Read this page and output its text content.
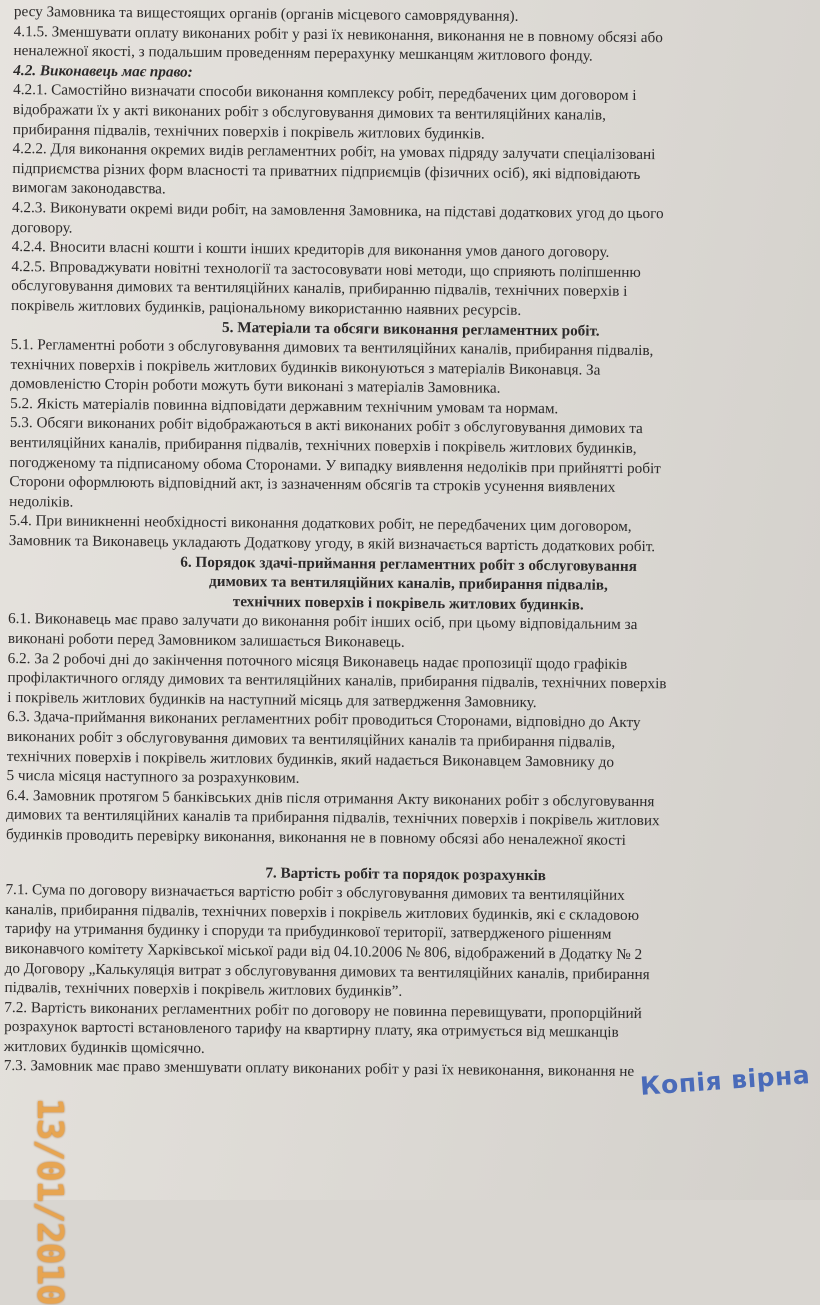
ресу Замовника та вищестоящих органів (органів місцевого самоврядування).

4.1.5. Зменшувати оплату виконаних робіт у разі їх невиконання, виконання не в повному обсязі або

неналежної якості, з подальшим проведенням перерахунку мешканцям житлового фонду.

4.2. Виконавець має право:

4.2.1. Самостійно визначати способи виконання комплексу робіт, передбачених цим договором і

відображати їх у акті виконаних робіт з обслуговування димових та вентиляційних каналів,

прибирання підвалів, технічних поверхів і покрівель житлових будинків.

4.2.2. Для виконання окремих видів регламентних робіт, на умовах підряду залучати спеціалізовані

підприємства різних форм власності та приватних підприємців (фізичних осіб), які відповідають

вимогам законодавства.

4.2.3. Виконувати окремі види робіт, на замовлення Замовника, на підставі додаткових угод до цього

договору.

4.2.4. Вносити власні кошти і кошти інших кредиторів для виконання умов даного договору.

4.2.5. Впроваджувати новітні технології та застосовувати нові методи, що сприяють поліпшенню

обслуговування димових та вентиляційних каналів, прибиранню підвалів, технічних поверхів і

покрівель житлових будинків, раціональному використанню наявних ресурсів.

5. Матеріали та обсяги виконання регламентних робіт.

5.1. Регламентні роботи з обслуговування димових та вентиляційних каналів, прибирання підвалів,

технічних поверхів і покрівель житлових будинків виконуються з матеріалів Виконавця. За

домовленістю Сторін роботи можуть бути виконані з матеріалів Замовника.

5.2. Якість матеріалів повинна відповідати державним технічним умовам та нормам.

5.3. Обсяги виконаних робіт відображаються в акті виконаних робіт з обслуговування димових та

вентиляційних каналів, прибирання підвалів, технічних поверхів і покрівель житлових будинків,

погодженому та підписаному обома Сторонами. У випадку виявлення недоліків при прийнятті робіт

Сторони оформлюють відповідний акт, із зазначенням обсягів та строків усунення виявлених

недоліків.

5.4. При виникненні необхідності виконання додаткових робіт, не передбачених цим договором,

Замовник та Виконавець укладають Додаткову угоду, в якій визначається вартість додаткових робіт.

6. Порядок здачі-приймання регламентних робіт з обслуговування

димових та вентиляційних каналів, прибирання підвалів,

технічних поверхів і покрівель житлових будинків.

6.1. Виконавець має право залучати до виконання робіт інших осіб, при цьому відповідальним за

виконані роботи перед Замовником залишається Виконавець.

6.2. За 2 робочі дні до закінчення поточного місяця Виконавець надає пропозиції щодо графіків

профілактичного огляду димових та вентиляційних каналів, прибирання підвалів, технічних поверхів

і покрівель житлових будинків на наступний місяць для затвердження Замовнику.

6.3. Здача-приймання виконаних регламентних робіт проводиться Сторонами, відповідно до Акту

виконаних робіт з обслуговування димових та вентиляційних каналів та прибирання підвалів,

технічних поверхів і покрівель житлових будинків, який надається Виконавцем Замовнику до

5 числа місяця наступного за розрахунковим.

6.4. Замовник протягом 5 банківських днів після отримання Акту виконаних робіт з обслуговування

димових та вентиляційних каналів та прибирання підвалів, технічних поверхів і покрівель житлових

будинків проводить перевірку виконання, виконання не в повному обсязі або неналежної якості

7. Вартість робіт та порядок розрахунків

7.1. Сума по договору визначається вартістю робіт з обслуговування димових та вентиляційних

каналів, прибирання підвалів, технічних поверхів і покрівель житлових будинків, які є складовою

тарифу на утримання будинку і споруди та прибудинкової території, затвердженого рішенням

виконавчого комітету Харківської міської ради від 04.10.2006 № 806, відображений в Додатку № 2

до Договору „Калькуляція витрат з обслуговування димових та вентиляційних каналів, прибирання

підвалів, технічних поверхів і покрівель житлових будинків”.

7.2. Вартість виконаних регламентних робіт по договору не повинна перевищувати, пропорційний

розрахунок вартості встановленого тарифу на квартирну плату, яка отримується від мешканців

житлових будинків щомісячно.

7.3. Замовник має право зменшувати оплату виконаних робіт у разі їх невиконання, виконання не Копія вірна
13/01/2010
